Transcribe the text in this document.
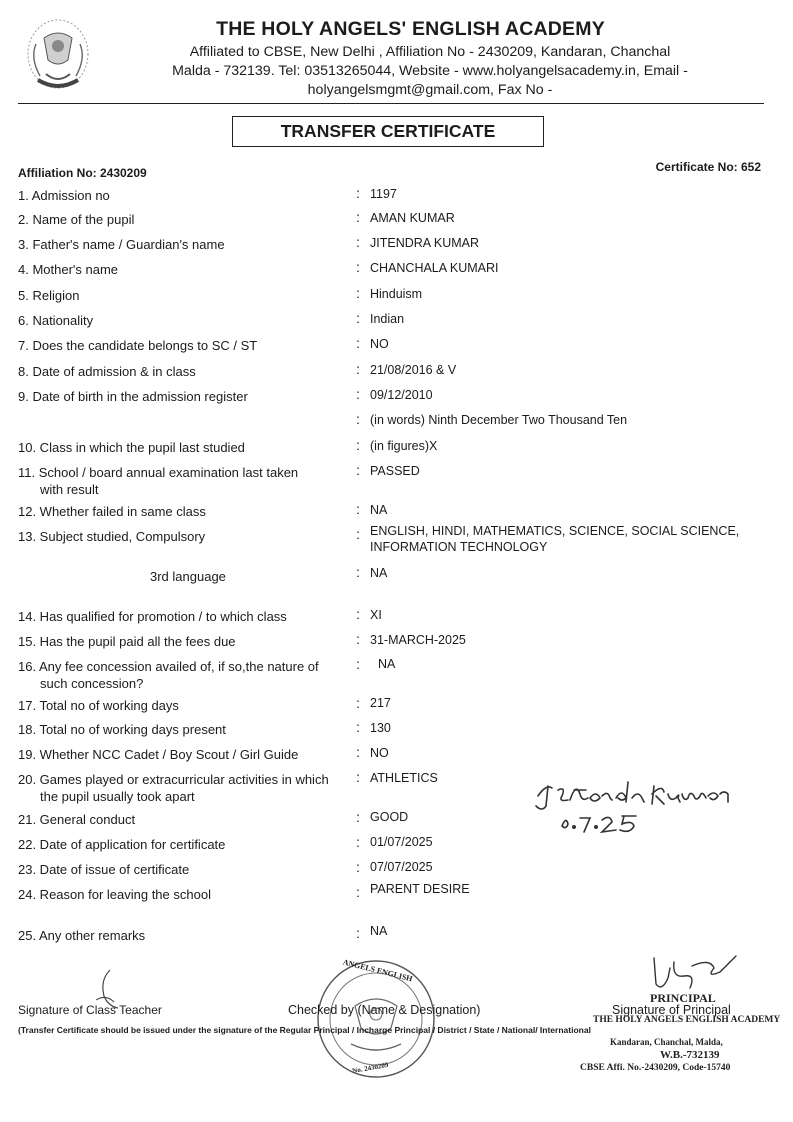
THE HOLY ANGELS' ENGLISH ACADEMY
Affiliated to CBSE, New Delhi , Affiliation No - 2430209, Kandaran, Chanchal
Malda - 732139. Tel: 03513265044, Website - www.holyangelsacademy.in, Email -
holyangelsmgmt@gmail.com, Fax No -
TRANSFER CERTIFICATE
Affiliation No: 2430209	Certificate No: 652
1. Admission no	: 1197
2. Name of the pupil	: AMAN KUMAR
3. Father's name / Guardian's name	: JITENDRA KUMAR
4. Mother's name	: CHANCHALA KUMARI
5. Religion	: Hinduism
6. Nationality	: Indian
7. Does the candidate belongs to SC / ST	: NO
8. Date of admission & in class	: 21/08/2016 & V
9. Date of birth in the admission register	: 09/12/2010
: (in words) Ninth December Two Thousand Ten
10. Class in which the pupil last studied	: (in figures)X
11. School / board annual examination last taken
with result
: PASSED
12. Whether failed in same class	: NA
13. Subject studied, Compulsory	: ENGLISH, HINDI, MATHEMATICS, SCIENCE, SOCIAL SCIENCE,
INFORMATION TECHNOLOGY
3rd language	: NA
14. Has qualified for promotion / to which class	: XI
15. Has the pupil paid all the fees due	: 31-MARCH-2025
16. Any fee concession availed of, if so,the nature of
such concession?
: NA
17. Total no of working days	: 217
18. Total no of working days present	: 130
19. Whether NCC Cadet / Boy Scout / Girl Guide	: NO
20. Games played or extracurricular activities in which
the pupil usually took apart
: ATHLETICS
21. General conduct	: GOOD
22. Date of application for certificate	: 01/07/2025
23. Date of issue of certificate	: 07/07/2025
24. Reason for leaving the school	: PARENT DESIRE
25. Any other remarks	: NA
ANGELS ENGLISH
No. 2430209
Signature of Class Teacher	Checked by (Name & Designation)	Signature of Principal
PRINCIPAL
(Transfer Certificate should be issued under the signature of the Regular Principal / Incharge Principal / District / State / National/ International
THE HOLY ANGELS ENGLISH ACADEMY
Kandaran, Chanchal, Malda,
W.B.-732139
CBSE Affi. No.-2430209, Code-15740
